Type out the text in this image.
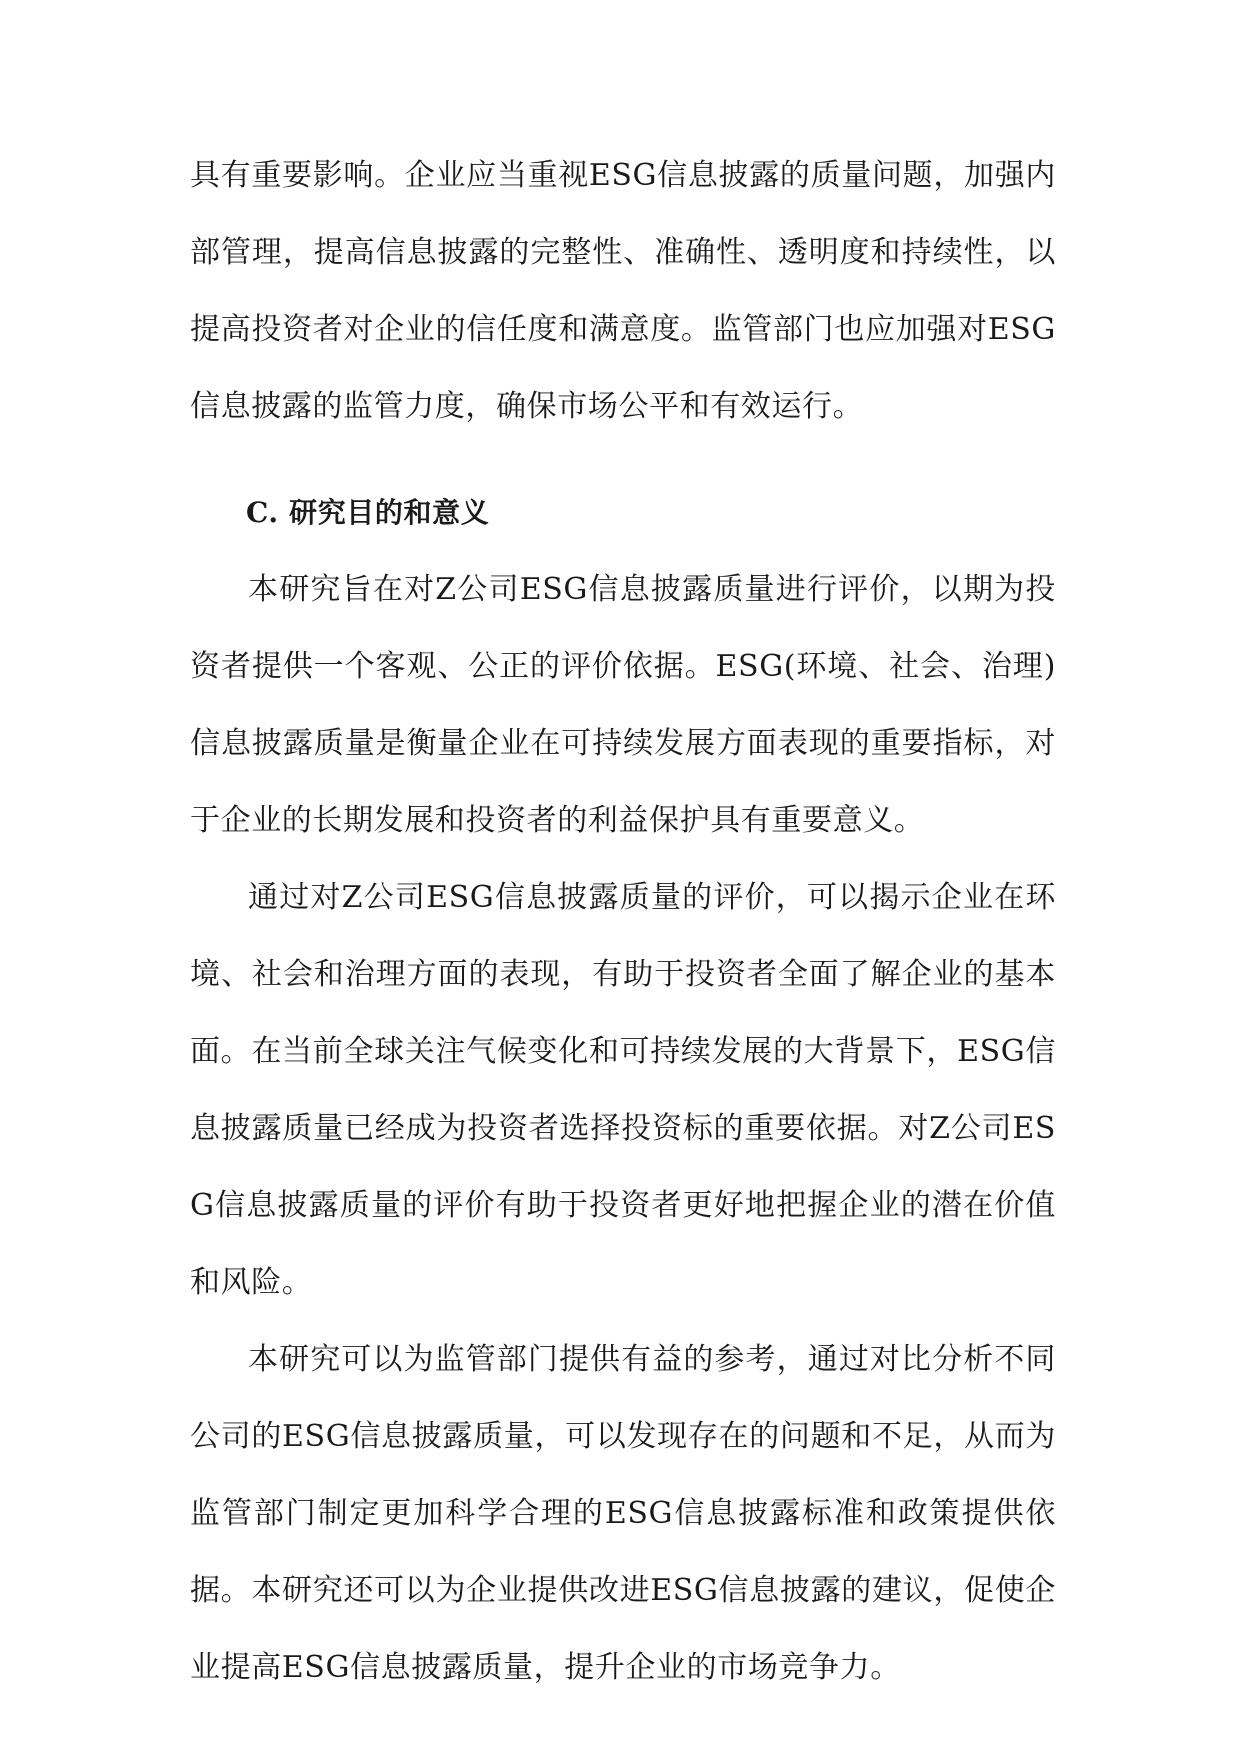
具有重要影响。企业应当重视ESG信息披露的质量问题，加强内部管理，提高信息披露的完整性、准确性、透明度和持续性，以提高投资者对企业的信任度和满意度。监管部门也应加强对ESG信息披露的监管力度，确保市场公平和有效运行。

C. 研究目的和意义

本研究旨在对Z公司ESG信息披露质量进行评价，以期为投资者提供一个客观、公正的评价依据。ESG(环境、社会、治理)信息披露质量是衡量企业在可持续发展方面表现的重要指标，对于企业的长期发展和投资者的利益保护具有重要意义。

通过对Z公司ESG信息披露质量的评价，可以揭示企业在环境、社会和治理方面的表现，有助于投资者全面了解企业的基本面。在当前全球关注气候变化和可持续发展的大背景下，ESG信息披露质量已经成为投资者选择投资标的重要依据。对Z公司ESG信息披露质量的评价有助于投资者更好地把握企业的潜在价值和风险。

本研究可以为监管部门提供有益的参考，通过对比分析不同公司的ESG信息披露质量，可以发现存在的问题和不足，从而为监管部门制定更加科学合理的ESG信息披露标准和政策提供依据。本研究还可以为企业提供改进ESG信息披露的建议，促使企业提高ESG信息披露质量，提升企业的市场竞争力。
